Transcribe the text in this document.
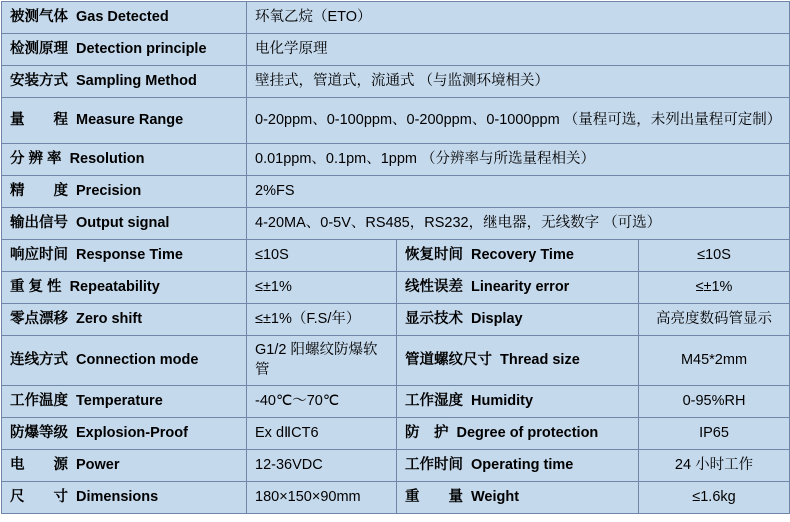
被测气体 Gas Detected	环氧乙烷（ETO）		
检测原理 Detection principle	电化学原理		
安装方式 Sampling Method	壁挂式，管道式，流通式 （与监测环境相关）		
量　　程 Measure Range	0-20ppm、0-100ppm、0-200ppm、0-1000ppm （量程可选，未列出量程可定制）		
分 辨 率 Resolution	0.01ppm、0.1pm、1ppm （分辨率与所选量程相关）		
精　　度 Precision	2%FS		
输出信号 Output signal	4-20MA、0-5V、RS485，RS232，继电器，无线数字 （可选）		
响应时间 Response Time	≤10S	恢复时间 Recovery Time	≤10S
重 复 性 Repeatability	≤±1%	线性误差 Linearity error	≤±1%
零点漂移 Zero shift	≤±1%（F.S/年）	显示技术 Display	高亮度数码管显示
连线方式 Connection mode	G1/2 阳螺纹防爆软管	管道螺纹尺寸 Thread size	M45*2mm
工作温度 Temperature	-40℃～70℃	工作湿度 Humidity	0-95%RH
防爆等级 Explosion-Proof	Ex dⅡCT6	防　护 Degree of protection	IP65
电　　源 Power	12-36VDC	工作时间 Operating time	24 小时工作
尺　　寸 Dimensions	180×150×90mm	重　　量 Weight	≤1.6kg
